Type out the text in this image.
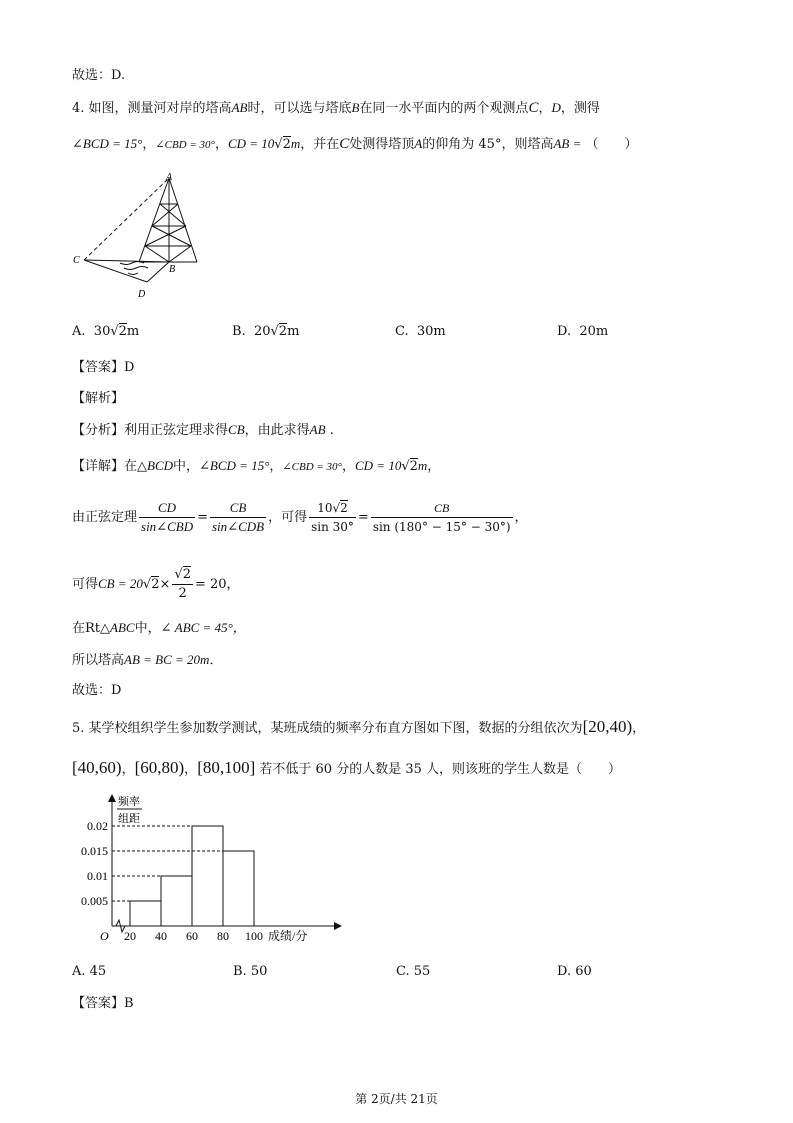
故选：D.
4. 如图，测量河对岸的塔高AB时，可以选与塔底B在同一水平面内的两个观测点C，D，测得
∠BCD = 15°，∠CBD = 30°，CD = 10√2m，并在C处测得塔顶A的仰角为 45°，则塔高AB = （　　）
A
B
C
D
A. 30√2m	B. 20√2m	C. 30m	D. 20m
【答案】D
【解析】
【分析】利用正弦定理求得CB，由此求得AB .
【详解】在△BCD中，∠BCD = 15°，∠CBD = 30°，CD = 10√2m，
由正弦定理 $\frac{CD}{\text{sin∠CBD}} = \frac{CB}{\text{sin∠CDB}}$ ，可得 $\frac{10√2}{\sin 30^\circ} = \frac{CB}{\sin (180^\circ - 15^\circ - 30^\circ)}$ ，
可得CB = $20√2\times \frac{√2}{2} = 20$，
在Rt△ABC中，∠ ABC = 45°，
所以塔高AB = BC = 20m．
故选：D
5. 某学校组织学生参加数学测试，某班成绩的频率分布直方图如下图，数据的分组依次为[20,40)，
[40,60)，[60,80)，[80,100] 若不低于 60 分的人数是 35 人，则该班的学生人数是（　　）
O
频率
组距
0.005
0.01
0.015
0.02
20 40 60 80 100 成绩/分
A. 45	B. 50	C. 55	D. 60
【答案】B
第 2页/共 21页
